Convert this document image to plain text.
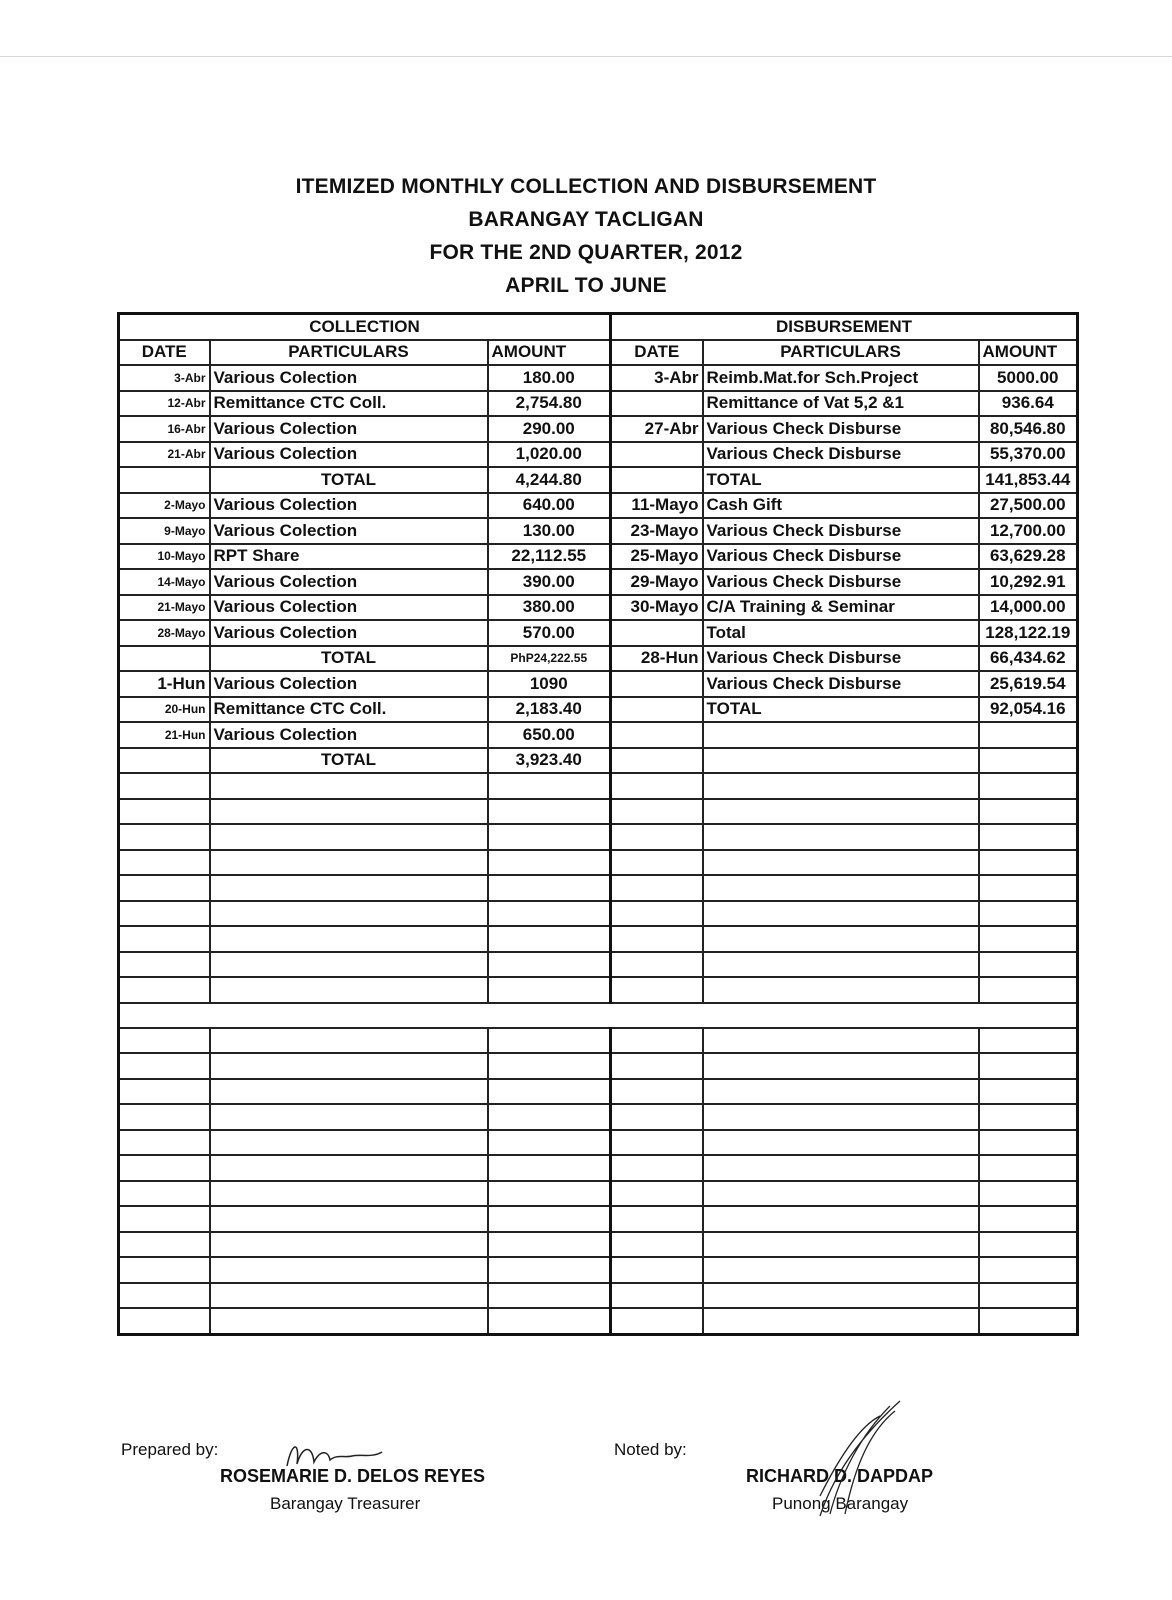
ITEMIZED MONTHLY COLLECTION AND DISBURSEMENT
BARANGAY TACLIGAN
FOR THE 2ND QUARTER, 2012
APRIL TO JUNE
COLLECTION			DISBURSEMENT		
DATE	PARTICULARS	AMOUNT	DATE	PARTICULARS	AMOUNT
3-Abr	Various Colection	180.00	3-Abr	Reimb.Mat.for Sch.Project	5000.00
12-Abr	Remittance CTC Coll.	2,754.80		Remittance of Vat 5,2 &1	936.64
16-Abr	Various Colection	290.00	27-Abr	Various Check Disburse	80,546.80
21-Abr	Various Colection	1,020.00		Various Check Disburse	55,370.00
	TOTAL	4,244.80		TOTAL	141,853.44
2-Mayo	Various Colection	640.00	11-Mayo	Cash Gift	27,500.00
9-Mayo	Various Colection	130.00	23-Mayo	Various Check Disburse	12,700.00
10-Mayo	RPT Share	22,112.55	25-Mayo	Various Check Disburse	63,629.28
14-Mayo	Various Colection	390.00	29-Mayo	Various Check Disburse	10,292.91
21-Mayo	Various Colection	380.00	30-Mayo	C/A Training & Seminar	14,000.00
28-Mayo	Various Colection	570.00		Total	128,122.19
	TOTAL	PhP24,222.55	28-Hun	Various Check Disburse	66,434.62
1-Hun	Various Colection	1090		Various Check Disburse	25,619.54
20-Hun	Remittance CTC Coll.	2,183.40		TOTAL	92,054.16
21-Hun	Various Colection	650.00			
	TOTAL	3,923.40			

Prepared by:
ROSEMARIE D. DELOS REYES
Barangay Treasurer
Noted by:
RICHARD D. DAPDAP
Punong Barangay
